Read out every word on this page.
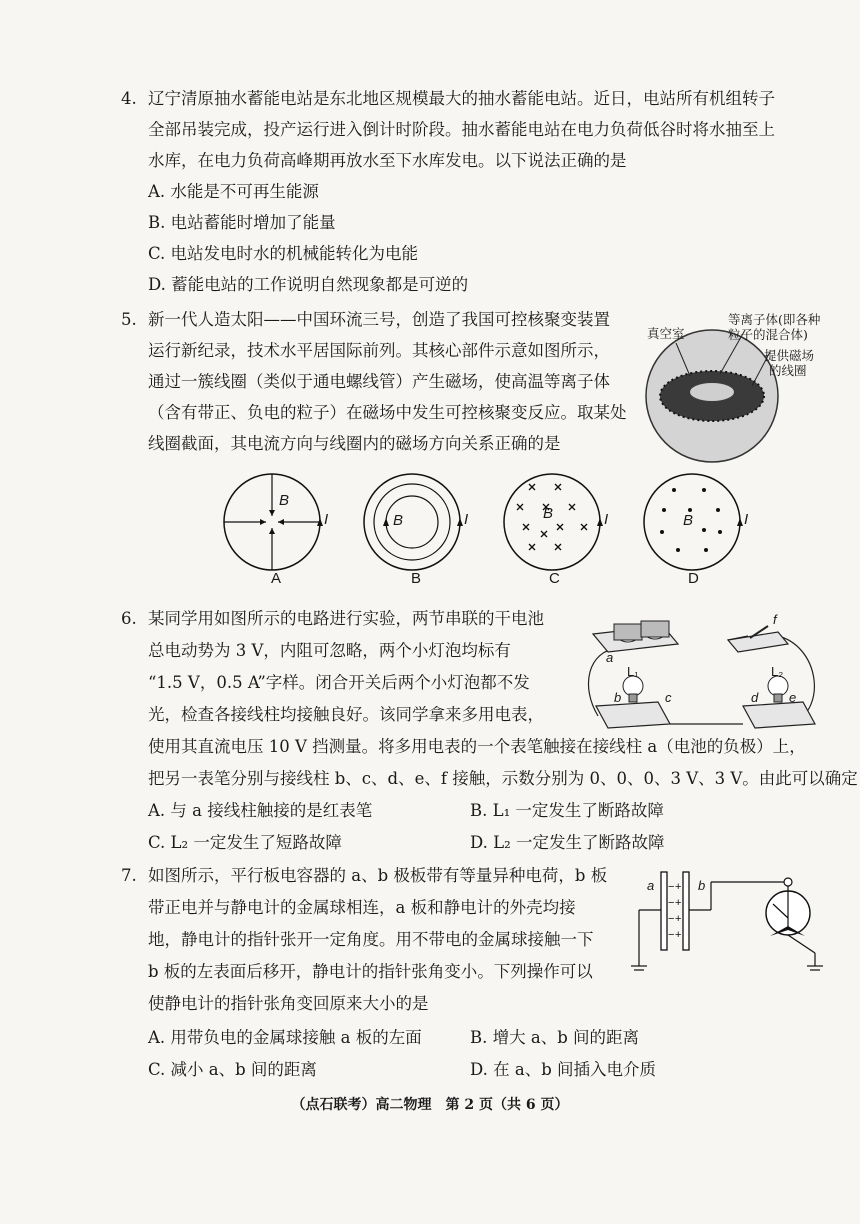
4. 辽宁清原抽水蓄能电站是东北地区规模最大的抽水蓄能电站。近日，电站所有机组转子
全部吊装完成，投产运行进入倒计时阶段。抽水蓄能电站在电力负荷低谷时将水抽至上
水库，在电力负荷高峰期再放水至下水库发电。以下说法正确的是
A. 水能是不可再生能源
B. 电站蓄能时增加了能量
C. 电站发电时水的机械能转化为电能
D. 蓄能电站的工作说明自然现象都是可逆的
5. 新一代人造太阳——中国环流三号，创造了我国可控核聚变装置
运行新纪录，技术水平居国际前列。其核心部件示意如图所示，
通过一簇线圈（类似于通电螺线管）产生磁场，使高温等离子体
（含有带正、负电的粒子）在磁场中发生可控核聚变反应。取某处
线圈截面，其电流方向与线圈内的磁场方向关系正确的是
真空室
等离子体(即各种
粒子的混合体)
提供磁场
的线圈
B
I	B	I	B	I	B	I
A	B	C	D
6. 某同学用如图所示的电路进行实验，两节串联的干电池
总电动势为 3 V，内阻可忽略，两个小灯泡均标有
“1.5 V，0.5 A”字样。闭合开关后两个小灯泡都不发
光，检查各接线柱均接触良好。该同学拿来多用电表，
使用其直流电压 10 V 挡测量。将多用电表的一个表笔触接在接线柱 a（电池的负极）上，
把另一表笔分别与接线柱 b、c、d、e、f 接触，示数分别为 0、0、0、3 V、3 V。由此可以确定
A. 与 a 接线柱触接的是红表笔	B. L₁ 一定发生了断路故障
C. L₂ 一定发生了短路故障	D. L₂ 一定发生了断路故障
a
b	c	d e
f
L₁	L₂
7. 如图所示，平行板电容器的 a、b 极板带有等量异种电荷，b 板
带正电并与静电计的金属球相连，a 板和静电计的外壳均接
地，静电计的指针张开一定角度。用不带电的金属球接触一下
b 板的左表面后移开，静电计的指针张角变小。下列操作可以
使静电计的指针张角变回原来大小的是
A. 用带负电的金属球接触 a 板的左面	B. 增大 a、b 间的距离
C. 减小 a、b 间的距离	D. 在 a、b 间插入电介质
−
−
−
−
+
+
+
+
a	b
（点石联考）高二物理　第 2 页（共 6 页）
